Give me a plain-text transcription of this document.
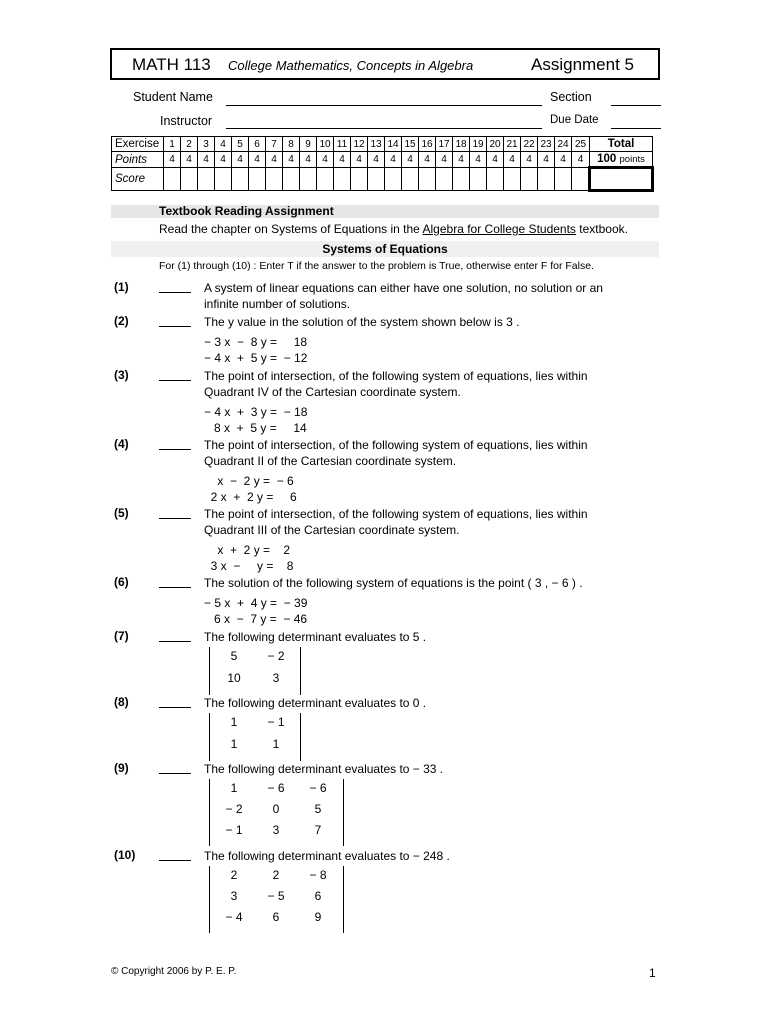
MATH 113 College Mathematics, Concepts in Algebra	Assignment 5
Student Name	Section
Instructor	Due Date
Exercise	1	2	3	4	5	6	7	8	9	10	11	12	13	14	15	16	17	18	19	20	21	22	23	24	25	Total
Points	4	4	4	4	4	4	4	4	4	4	4	4	4	4	4	4	4	4	4	4	4	4	4	4	4	100 points
Score																										
Textbook Reading Assignment
Read the chapter on Systems of Equations in the Algebra for College Students textbook.
Systems of Equations
For (1) through (10) : Enter T if the answer to the problem is True, otherwise enter F for False.
(1)	A system of linear equations can either have one solution, no solution or an
infinite number of solutions.
(2)	The y value in the solution of the system shown below is 3 .
− 3 x  −  8 y =     18
− 4 x  +  5 y =  − 12
(3)	The point of intersection, of the following system of equations, lies within
Quadrant IV of the Cartesian coordinate system.
− 4 x  +  3 y =  − 18
8 x  +  5 y =     14
(4)	The point of intersection, of the following system of equations, lies within
Quadrant II of the Cartesian coordinate system.
x  −  2 y =  − 6
2 x  +  2 y =     6
(5)	The point of intersection, of the following system of equations, lies within
Quadrant III of the Cartesian coordinate system.
x  +  2 y =    2
3 x  −     y =    8
(6)	The solution of the following system of equations is the point ( 3 , − 6 ) .
− 5 x  +  4 y =  − 39
6 x  −  7 y =  − 46
(7)	The following determinant evaluates to 5 .
5	− 2
10	3
(8)	The following determinant evaluates to 0 .
1	− 1
1	1
(9)	The following determinant evaluates to − 33 .
1	− 6	− 6
− 2	0	5
− 1	3	7
(10)	The following determinant evaluates to − 248 .
2	2	− 8
3	− 5	6
− 4	6	9
© Copyright 2006 by P. E. P.	1
